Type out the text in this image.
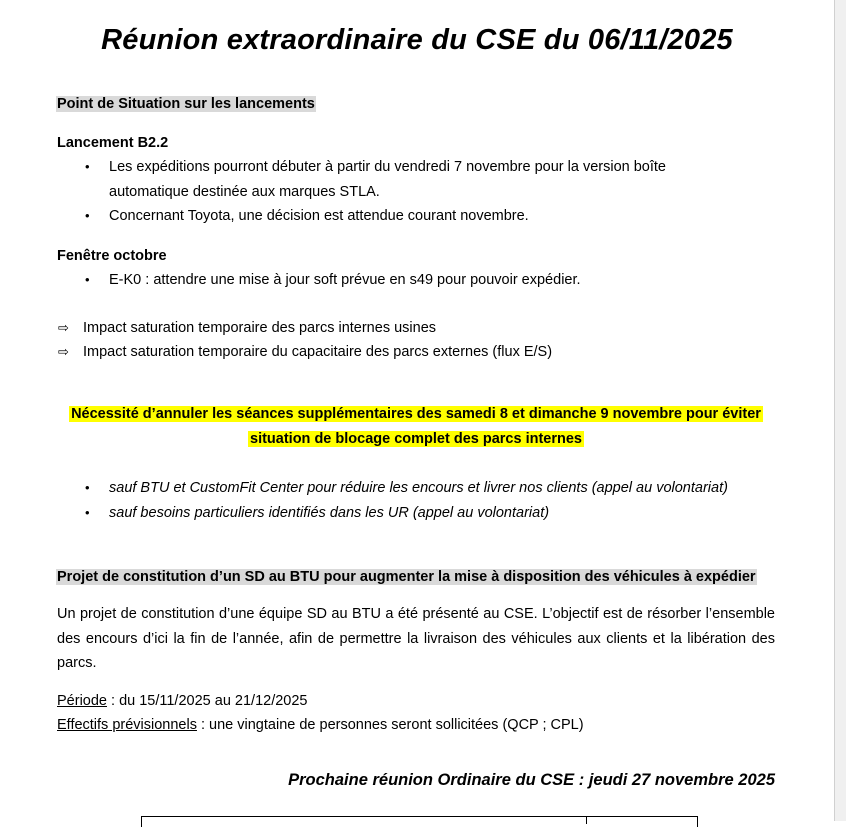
Réunion extraordinaire du CSE du 06/11/2025
Point de Situation sur les lancements
Lancement B2.2
• Les expéditions pourront débuter à partir du vendredi 7 novembre pour la version boîte
automatique destinée aux marques STLA.
• Concernant Toyota, une décision est attendue courant novembre.
Fenêtre octobre
• E-K0 : attendre une mise à jour soft prévue en s49 pour pouvoir expédier.
⇨ Impact saturation temporaire des parcs internes usines
⇨ Impact saturation temporaire du capacitaire des parcs externes (flux E/S)
Nécessité d’annuler les séances supplémentaires des samedi 8 et dimanche 9 novembre pour éviter
situation de blocage complet des parcs internes
• sauf BTU et CustomFit Center pour réduire les encours et livrer nos clients (appel au volontariat)
• sauf besoins particuliers identifiés dans les UR (appel au volontariat)
Projet de constitution d’un SD au BTU pour augmenter la mise à disposition des véhicules à expédier
Un projet de constitution d’une équipe SD au BTU a été présenté au CSE. L’objectif est de résorber l’ensemble des encours d’ici la fin de l’année, afin de permettre la livraison des véhicules aux clients et la libération des parcs.
Période : du 15/11/2025 au 21/12/2025
Effectifs prévisionnels : une vingtaine de personnes seront sollicitées (QCP ; CPL)
Prochaine réunion Ordinaire du CSE : jeudi 27 novembre 2025
